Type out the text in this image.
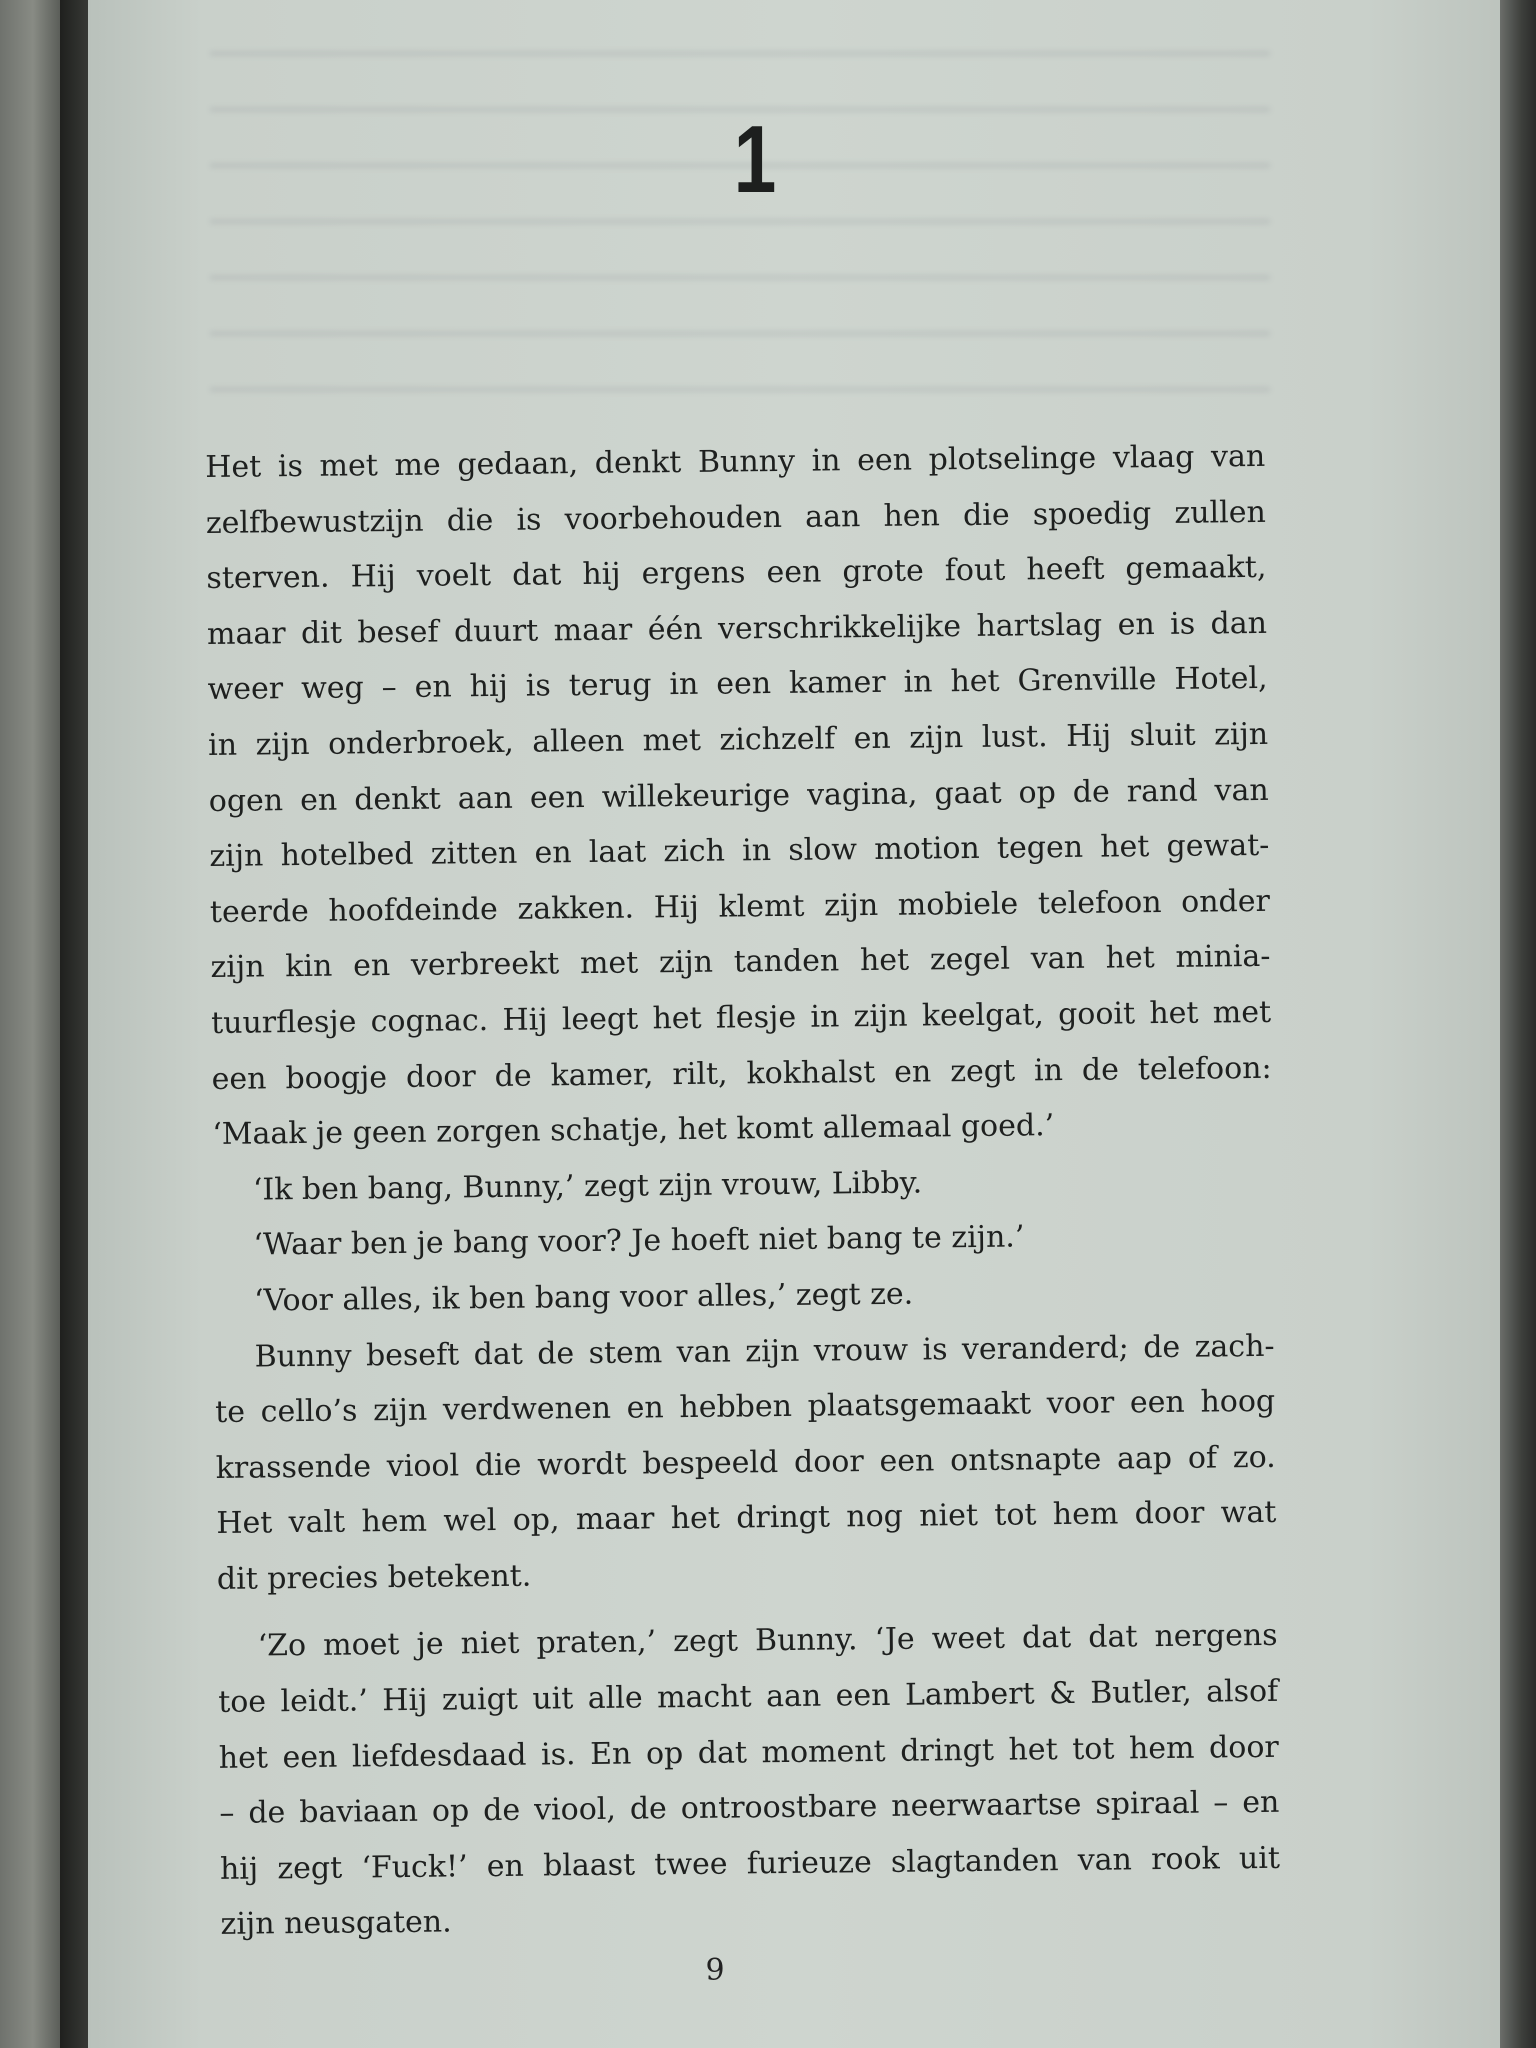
1
Het is met me gedaan, denkt Bunny in een plotselinge vlaag van
zelfbewustzijn die is voorbehouden aan hen die spoedig zullen
sterven. Hij voelt dat hij ergens een grote fout heeft gemaakt,
maar dit besef duurt maar één verschrikkelijke hartslag en is dan
weer weg – en hij is terug in een kamer in het Grenville Hotel,
in zijn onderbroek, alleen met zichzelf en zijn lust. Hij sluit zijn
ogen en denkt aan een willekeurige vagina, gaat op de rand van
zijn hotelbed zitten en laat zich in slow motion tegen het gewat-
teerde hoofdeinde zakken. Hij klemt zijn mobiele telefoon onder
zijn kin en verbreekt met zijn tanden het zegel van het minia-
tuurflesje cognac. Hij leegt het flesje in zijn keelgat, gooit het met
een boogje door de kamer, rilt, kokhalst en zegt in de telefoon:
‘Maak je geen zorgen schatje, het komt allemaal goed.’
‘Ik ben bang, Bunny,’ zegt zijn vrouw, Libby.
‘Waar ben je bang voor? Je hoeft niet bang te zijn.’
‘Voor alles, ik ben bang voor alles,’ zegt ze.
Bunny beseft dat de stem van zijn vrouw is veranderd; de zach-
te cello’s zijn verdwenen en hebben plaatsgemaakt voor een hoog
krassende viool die wordt bespeeld door een ontsnapte aap of zo.
Het valt hem wel op, maar het dringt nog niet tot hem door wat
dit precies betekent.
‘Zo moet je niet praten,’ zegt Bunny. ‘Je weet dat dat nergens
toe leidt.’ Hij zuigt uit alle macht aan een Lambert & Butler, alsof
het een liefdesdaad is. En op dat moment dringt het tot hem door
– de baviaan op de viool, de ontroostbare neerwaartse spiraal – en
hij zegt ‘Fuck!’ en blaast twee furieuze slagtanden van rook uit
zijn neusgaten.
9
